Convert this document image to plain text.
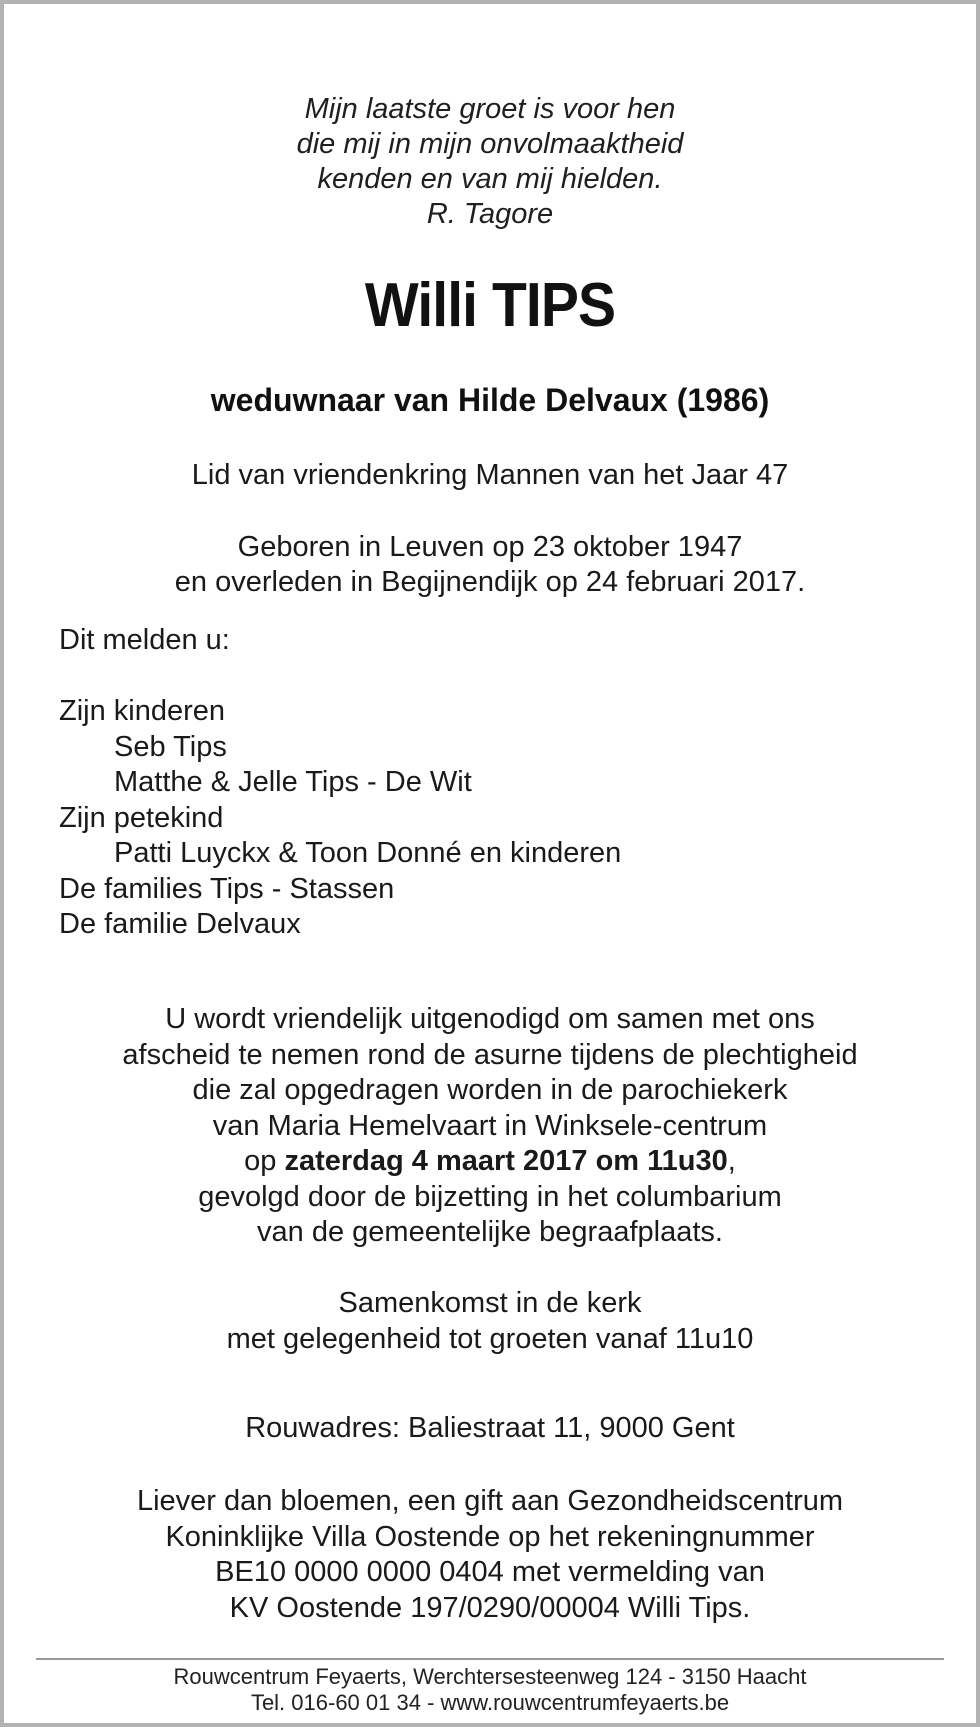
Mijn laatste groet is voor hen
die mij in mijn onvolmaaktheid
kenden en van mij hielden.
R. Tagore
Willi TIPS
weduwnaar van Hilde Delvaux (1986)
Lid van vriendenkring Mannen van het Jaar 47
Geboren in Leuven op 23 oktober 1947
en overleden in Begijnendijk op 24 februari 2017.
Dit melden u:
Zijn kinderen
Seb Tips
Matthe & Jelle Tips - De Wit
Zijn petekind
Patti Luyckx & Toon Donné en kinderen
De families Tips - Stassen
De familie Delvaux
U wordt vriendelijk uitgenodigd om samen met ons
afscheid te nemen rond de asurne tijdens de plechtigheid
die zal opgedragen worden in de parochiekerk
van Maria Hemelvaart in Winksele-centrum
op zaterdag 4 maart 2017 om 11u30,
gevolgd door de bijzetting in het columbarium
van de gemeentelijke begraafplaats.
Samenkomst in de kerk
met gelegenheid tot groeten vanaf 11u10
Rouwadres: Baliestraat 11, 9000 Gent
Liever dan bloemen, een gift aan Gezondheidscentrum
Koninklijke Villa Oostende op het rekeningnummer
BE10 0000 0000 0404 met vermelding van
KV Oostende 197/0290/00004 Willi Tips.
Rouwcentrum Feyaerts, Werchtersesteenweg 124 - 3150 Haacht
Tel. 016-60 01 34 - www.rouwcentrumfeyaerts.be
